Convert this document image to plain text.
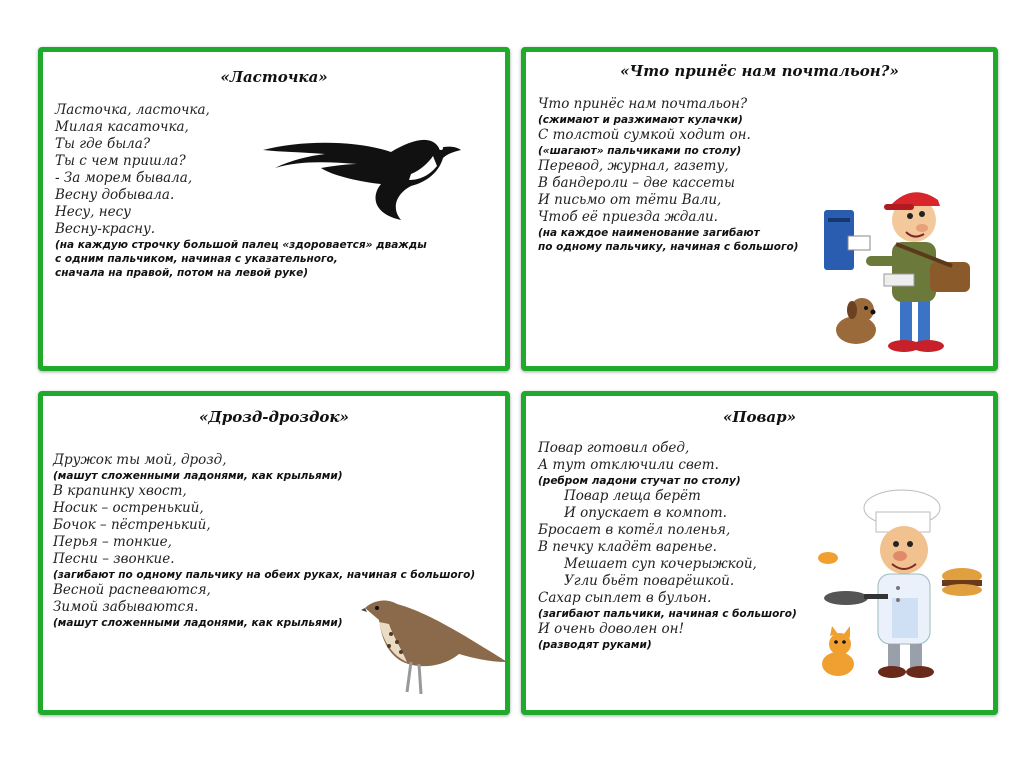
«Ласточка»
Ласточка, ласточка,
Милая касаточка,
Ты где была?
Ты с чем пришла?
- За морем бывала,
Весну добывала.
Несу, несу
Весну-красну.
(на каждую строчку большой палец «здоровается» дважды
с одним пальчиком, начиная с указательного,
сначала на правой, потом на левой руке)
«Что принёс нам почтальон?»
Что принёс нам почтальон?
(сжимают и разжимают кулачки)
С толстой сумкой ходит он.
(«шагают» пальчиками по столу)
Перевод, журнал, газету,
В бандероли – две кассеты
И письмо от тёти Вали,
Чтоб её приезда ждали.
(на каждое наименование загибают
по одному пальчику, начиная с большого)
«Дрозд-дроздок»
Дружок ты мой, дрозд,
(машут сложенными ладонями, как крыльями)
В крапинку хвост,
Носик – остренький,
Бочок – пёстренький,
Перья – тонкие,
Песни – звонкие.
(загибают по одному пальчику на обеих руках, начиная с большого)
Весной распеваются,
Зимой забываются.
(машут сложенными ладонями, как крыльями)
«Повар»
Повар готовил обед,
А тут отключили свет.
(ребром ладони стучат по столу)
Повар леща берёт
И опускает в компот.
Бросает в котёл поленья,
В печку кладёт варенье.
Мешает суп кочерыжкой,
Угли бьёт поварёшкой.
Сахар сыплет в бульон.
(загибают пальчики, начиная с большого)
И очень доволен он!
(разводят руками)
